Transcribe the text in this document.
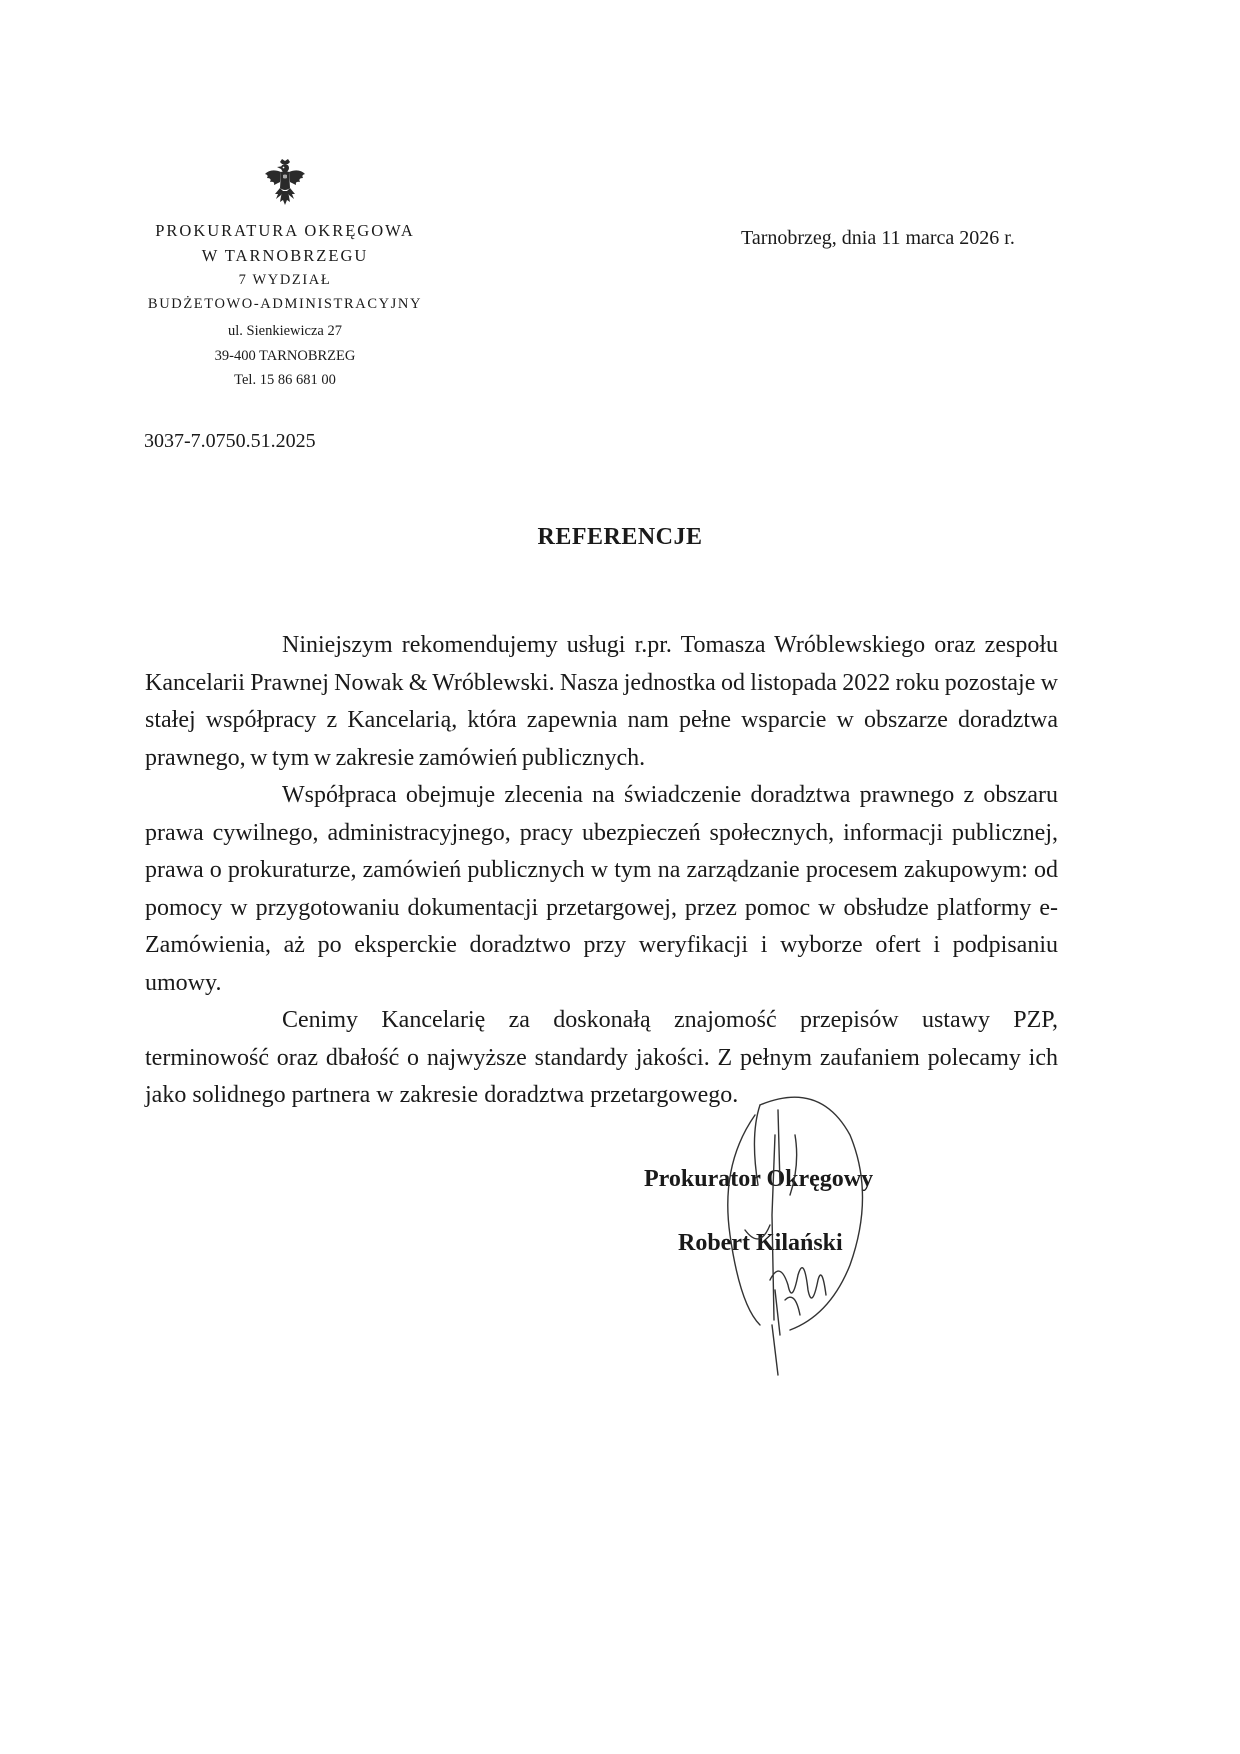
PROKURATURA OKRĘGOWA
W TARNOBRZEGU
7 WYDZIAŁ
BUDŻETOWO-ADMINISTRACYJNY
ul. Sienkiewicza 27
39-400 TARNOBRZEG
Tel. 15 86 681 00
Tarnobrzeg, dnia 11 marca 2026 r.
3037-7.0750.51.2025
REFERENCJE

Niniejszym rekomendujemy usługi r.pr. Tomasza Wróblewskiego oraz zespołu Kancelarii Prawnej Nowak & Wróblewski. Nasza jednostka od listopada 2022 roku pozostaje w stałej współpracy z Kancelarią, która zapewnia nam pełne wsparcie w obszarze doradztwa prawnego, w tym w zakresie zamówień publicznych.

Współpraca obejmuje zlecenia na świadczenie doradztwa prawnego z obszaru prawa cywilnego, administracyjnego, pracy ubezpieczeń społecznych, informacji publicznej, prawa o prokuraturze, zamówień publicznych w tym na zarządzanie procesem zakupowym: od pomocy w przygotowaniu dokumentacji przetargowej, przez pomoc w obsłudze platformy e-Zamówienia, aż po eksperckie doradztwo przy weryfikacji i wyborze ofert i podpisaniu umowy.

Cenimy Kancelarię za doskonałą znajomość przepisów ustawy PZP, terminowość oraz dbałość o najwyższe standardy jakości. Z pełnym zaufaniem polecamy ich jako solidnego partnera w zakresie doradztwa przetargowego.

Prokurator Okręgowy
Robert Kilański
